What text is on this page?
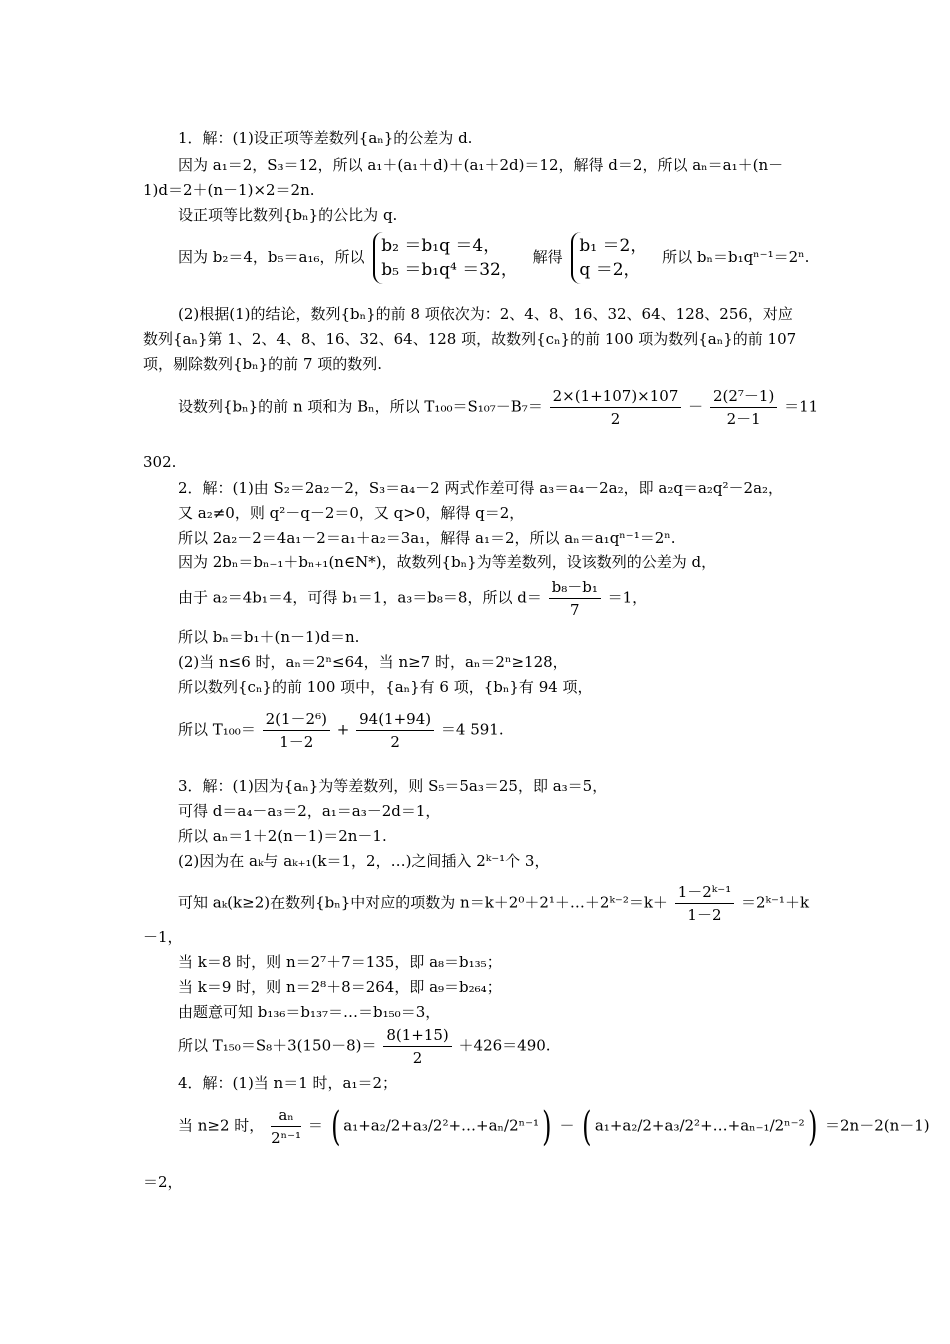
1．解：(1)设正项等差数列{aₙ}的公差为 d.
因为 a₁＝2，S₃＝12，所以 a₁＋(a₁＋d)＋(a₁＋2d)＝12，解得 d＝2，所以 aₙ＝a₁＋(n－
1)d＝2＋(n－1)×2＝2n.
设正项等比数列{bₙ}的公比为 q.
因为 b₂＝4，b₅＝a₁₆，所以
b₂ ＝b₁q ＝4，
b₅ ＝b₁q⁴ ＝32，
解得
b₁ ＝2，
q ＝2，
所以 bₙ＝b₁qⁿ⁻¹＝2ⁿ.
(2)根据(1)的结论，数列{bₙ}的前 8 项依次为：2、4、8、16、32、64、128、256，对应
数列{aₙ}第 1、2、4、8、16、32、64、128 项，故数列{cₙ}的前 100 项为数列{aₙ}的前 107
项，剔除数列{bₙ}的前 7 项的数列.
设数列{bₙ}的前 n 项和为 Bₙ，所以 $T_{100}=S_{107}-B_7= \frac{2\times(1+107)\times 107}{2} - \frac{\text{2(2⁷－1)}}{2-1} =11$
302.
2．解：(1)由 S₂＝2a₂－2，S₃＝a₄－2 两式作差可得 a₃＝a₄－2a₂，即 a₂q＝a₂q²－2a₂，
又 a₂≠0，则 q²－q－2＝0，又 q>0，解得 q＝2，
所以 2a₂－2＝4a₁－2＝a₁＋a₂＝3a₁，解得 a₁＝2，所以 aₙ＝a₁qⁿ⁻¹＝2ⁿ.
因为 2bₙ＝bₙ₋₁＋bₙ₊₁(n∈N*)，故数列{bₙ}为等差数列，设该数列的公差为 d，
由于 a₂＝4b₁＝4，可得 b₁＝1，a₃＝b₈＝8，所以 $d= \frac{\text{b₈－b₁}}{7} =1$，
所以 bₙ＝b₁＋(n－1)d＝n.
(2)当 n≤6 时，aₙ＝2ⁿ≤64，当 n≥7 时，aₙ＝2ⁿ≥128，
所以数列{cₙ}的前 100 项中，{aₙ}有 6 项，{bₙ}有 94 项，
所以 $T_{100}= \frac{\text{2(1－2⁶)}}{1-2} + \frac{94(1+94)}{2} =4$ 591.
3．解：(1)因为{aₙ}为等差数列，则 S₅＝5a₃＝25，即 a₃＝5，
可得 d＝a₄－a₃＝2，a₁＝a₃－2d＝1，
所以 aₙ＝1＋2(n－1)＝2n－1.
(2)因为在 aₖ与 aₖ₊₁(k＝1，2，…)之间插入 2ᵏ⁻¹个 3，
可知 aₖ(k≥2)在数列{bₙ}中对应的项数为 n＝k＋2⁰＋2¹＋…＋2ᵏ⁻²＝k＋ $\frac{\text{1－2ᵏ⁻¹}}{1-2}$ ＝2ᵏ⁻¹＋k
－1，
当 k＝8 时，则 n＝2⁷＋7＝135，即 a₈＝b₁₃₅；
当 k＝9 时，则 n＝2⁸＋8＝264，即 a₉＝b₂₆₄；
由题意可知 b₁₃₆＝b₁₃₇＝…＝b₁₅₀＝3，
所以 $T_{150}=S_8+3(150-8)= \frac{8(1+15)}{2} +426=490$.
4．解：(1)当 n＝1 时，a₁＝2；
当 n≥2 时， $\frac{\text{aₙ}}{\text{2ⁿ⁻¹}}$ ＝ ( a₁+a₂/2+a₃/2²+…+aₙ/2ⁿ⁻¹) － ( a₁+a₂/2+a₃/2²+…+aₙ₋₁/2ⁿ⁻²) ＝2n－2(n－1)
＝2，
